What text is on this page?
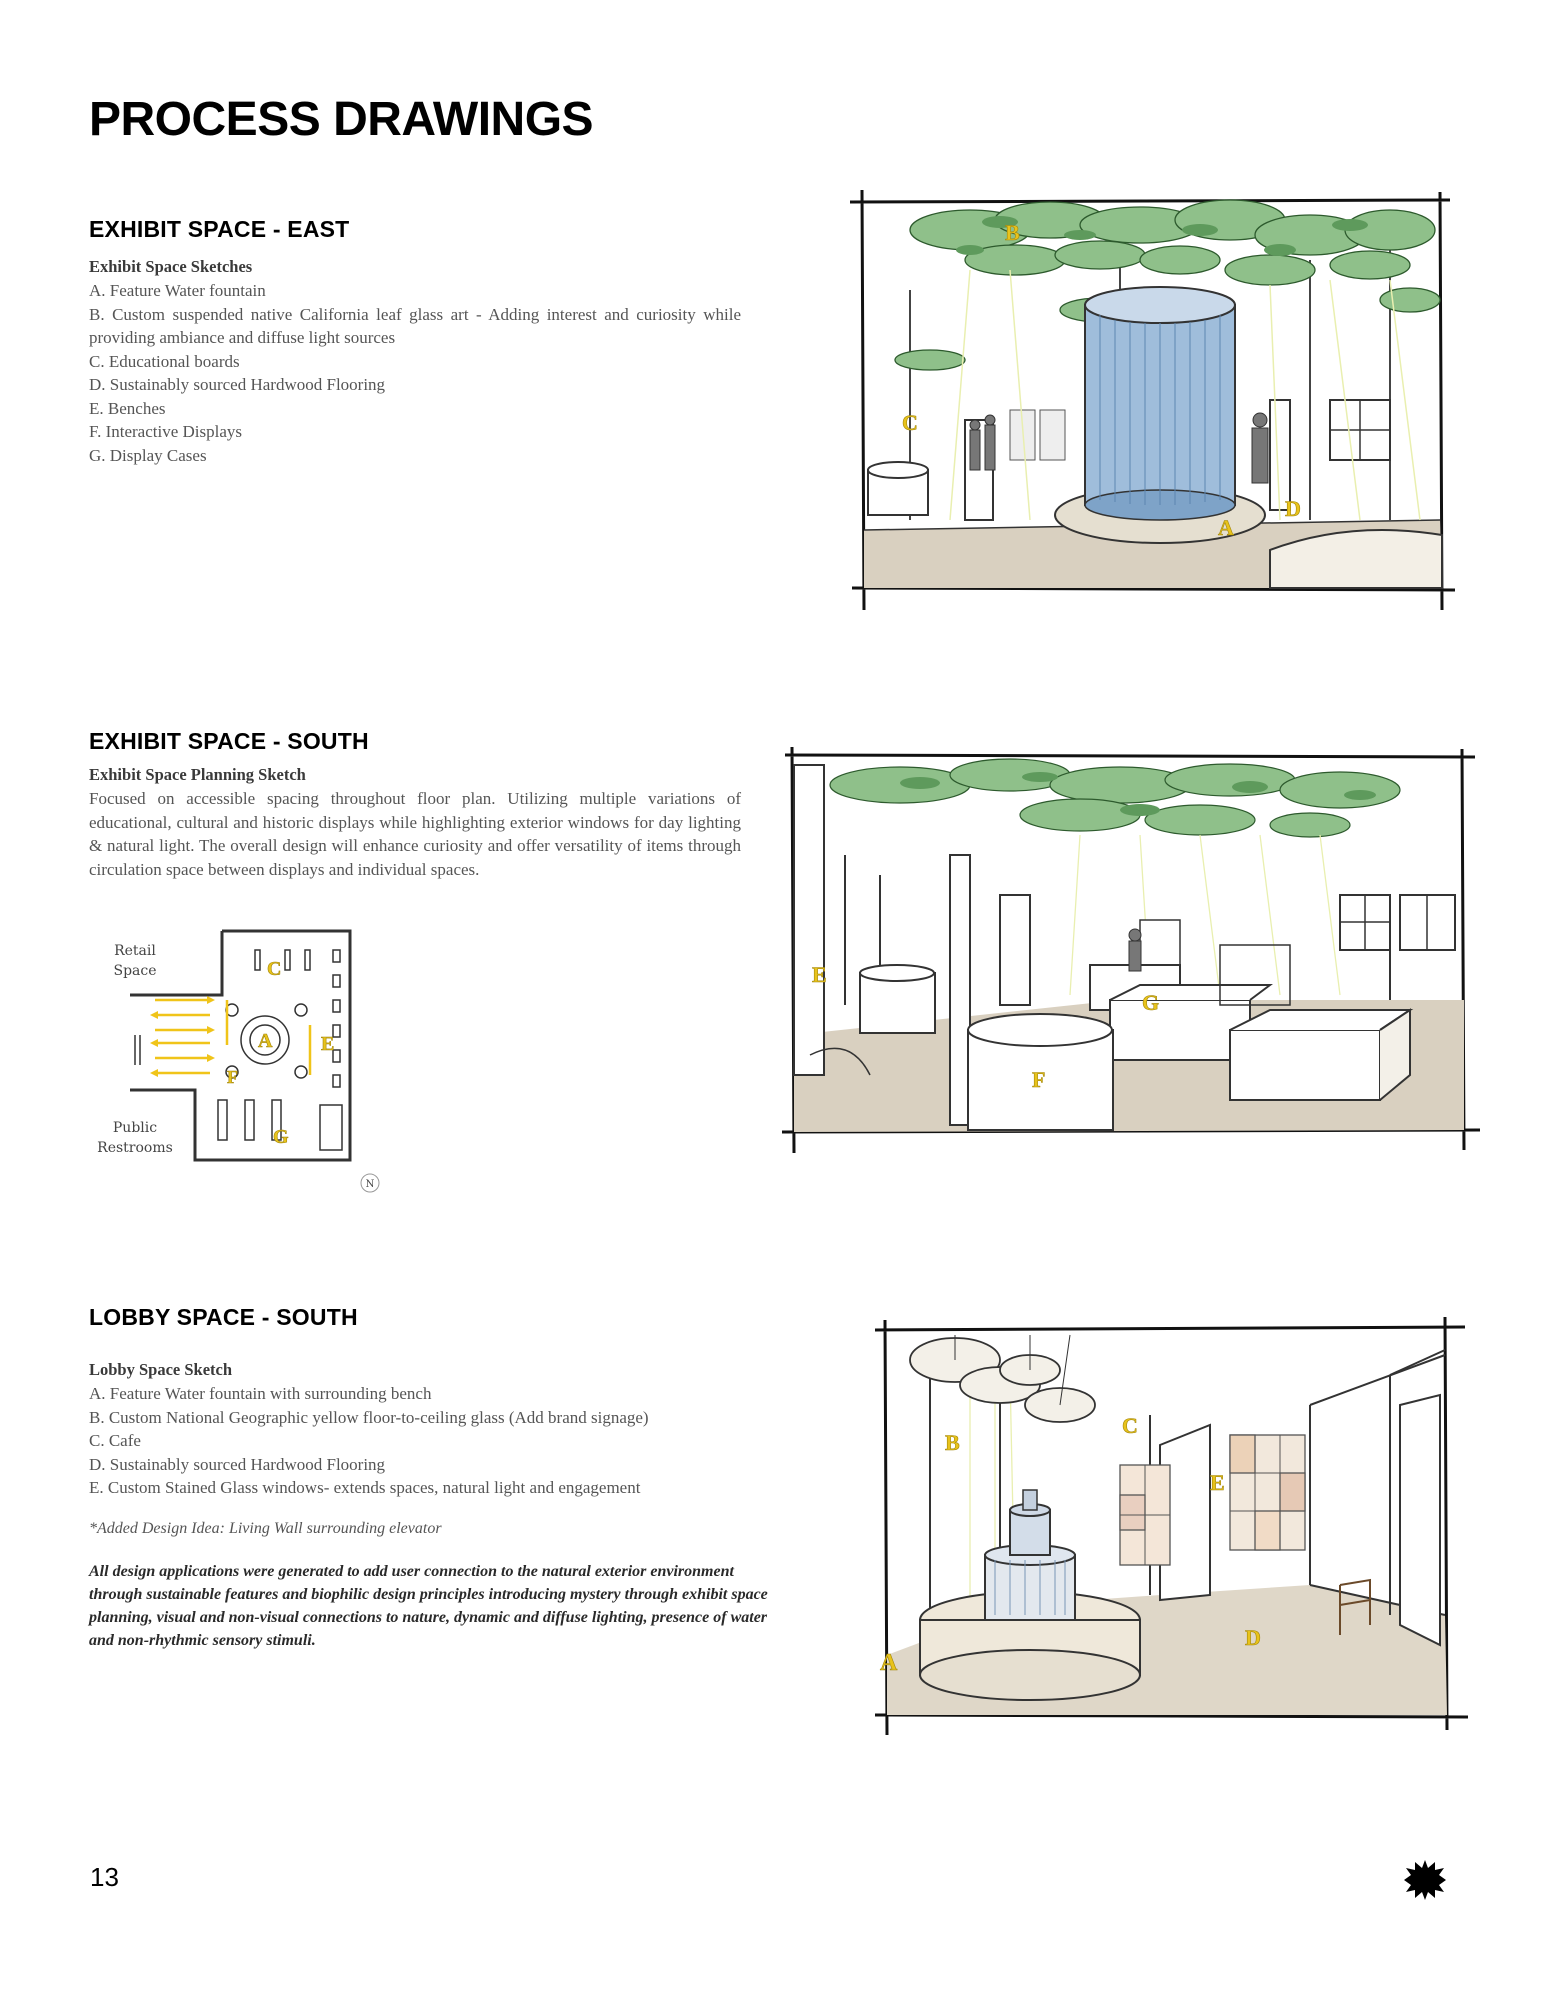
PROCESS DRAWINGS
EXHIBIT SPACE - EAST
Exhibit Space Sketches
A. Feature Water fountain
B. Custom suspended native California leaf glass art - Adding interest and curiosity while providing ambiance and diffuse light sources
C. Educational boards
D. Sustainably sourced Hardwood Flooring
E. Benches
F. Interactive Displays
G. Display Cases
B
C
A
D
EXHIBIT SPACE - SOUTH
Exhibit Space Planning Sketch

Focused on accessible spacing throughout floor plan. Utilizing multiple variations of educational, cultural and historic displays while highlighting exterior windows for day lighting & natural light. The overall design will enhance curiosity and offer versatility of items through circulation space between displays and individual spaces.

Retail
Space
Public
Restrooms
A
C
E
F
G
N
E
F
G
LOBBY SPACE - SOUTH
Lobby Space Sketch
A. Feature Water fountain with surrounding bench
B. Custom National Geographic yellow floor-to-ceiling glass (Add brand signage)
C. Cafe
D. Sustainably sourced Hardwood Flooring
E. Custom Stained Glass windows- extends spaces, natural light and engagement
*Added Design Idea: Living Wall surrounding elevator

All design applications were generated to add user connection to the natural exterior environment through sustainable features and biophilic design principles introducing mystery through exhibit space planning, visual and non-visual connections to nature, dynamic and diffuse lighting, presence of water and non-rhythmic sensory stimuli.

A
B
C
D
E
13
